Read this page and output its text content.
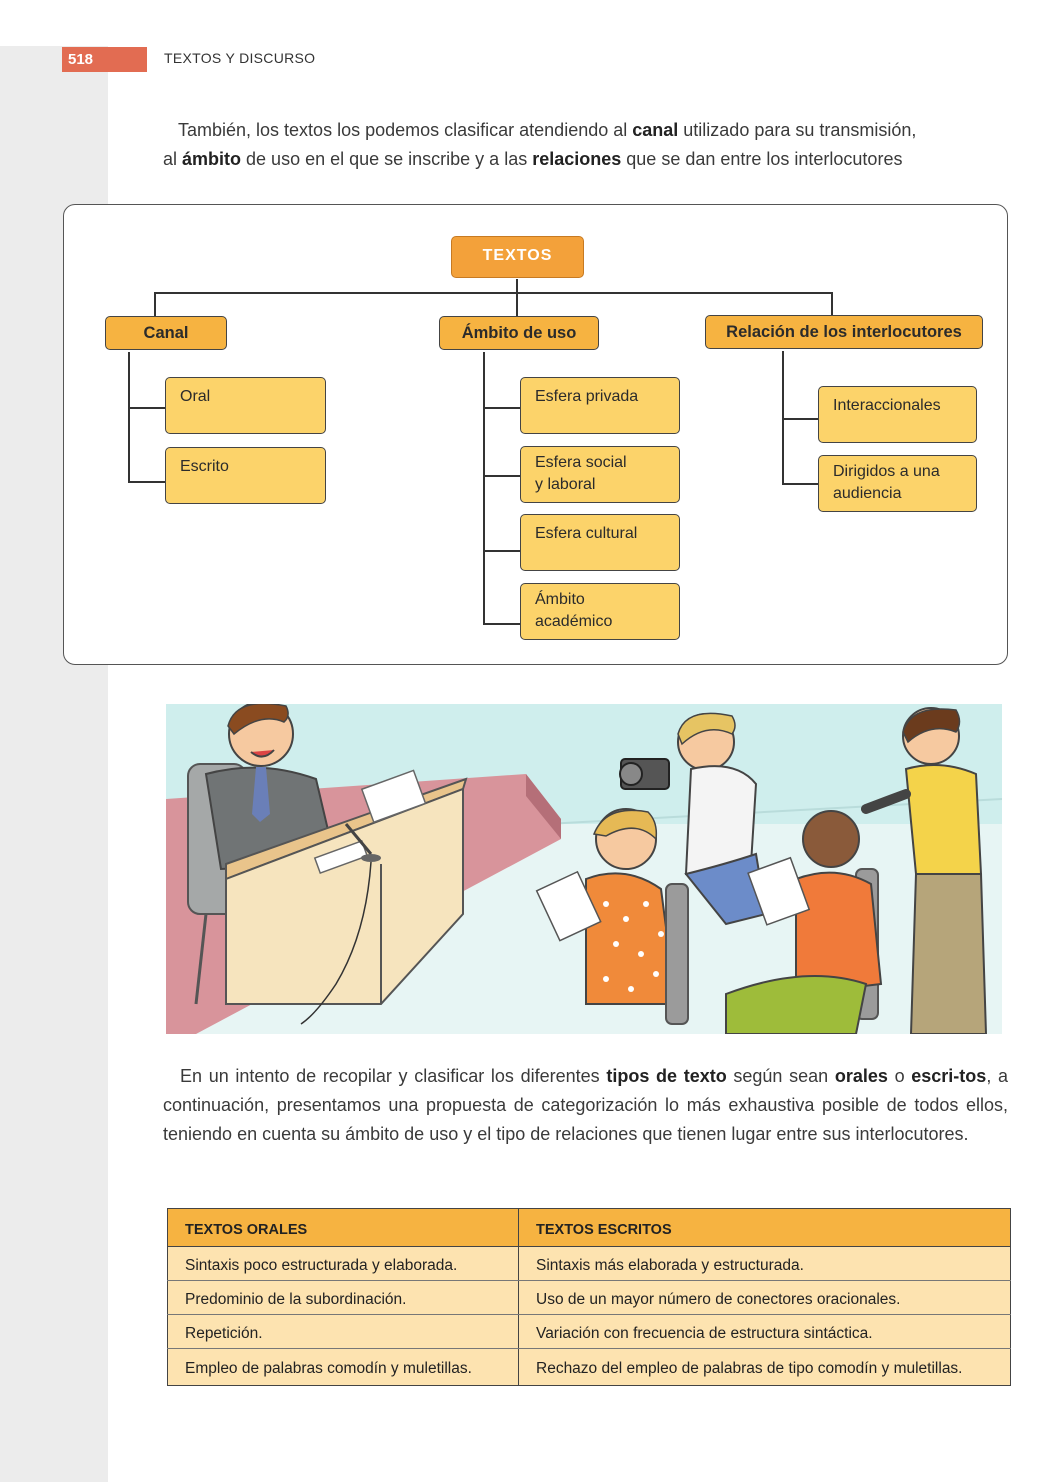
518	TEXTOS Y DISCURSO

También, los textos los podemos clasificar atendiendo al canal utilizado para su transmisión,
al ámbito de uso en el que se inscribe y a las relaciones que se dan entre los interlocutores

TEXTOS
Canal	Ámbito de uso	Relación de los interlocutores
Oral
Escrito
Esfera privada
Esfera social y laboral
Esfera cultural
Ámbito académico
Interaccionales
Dirigidos a una audiencia

En un intento de recopilar y clasificar los diferentes tipos de texto según sean orales o escri-tos, a continuación, presentamos una propuesta de categorización lo más exhaustiva posible de todos ellos, teniendo en cuenta su ámbito de uso y el tipo de relaciones que tienen lugar entre sus interlocutores.

TEXTOS ORALES	TEXTOS ESCRITOS
Sintaxis poco estructurada y elaborada.	Sintaxis más elaborada y estructurada.
Predominio de la subordinación.	Uso de un mayor número de conectores oracionales.
Repetición.	Variación con frecuencia de estructura sintáctica.
Empleo de palabras comodín y muletillas.	Rechazo del empleo de palabras de tipo comodín y muletillas.
